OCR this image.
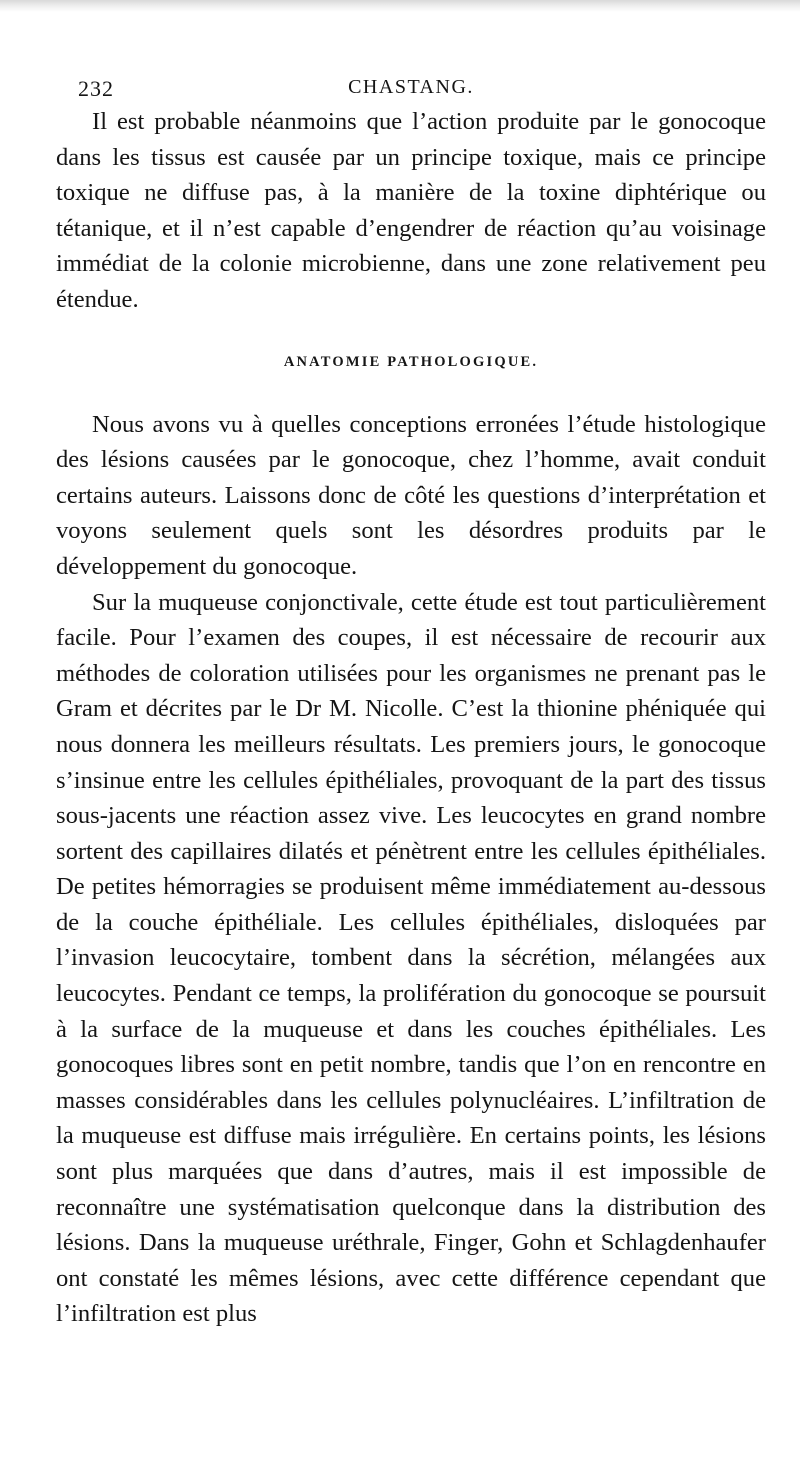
232	CHASTANG.

Il est probable néanmoins que l’action produite par le gonocoque dans les tissus est causée par un principe toxique, mais ce principe toxique ne diffuse pas, à la manière de la toxine diphtérique ou tétanique, et il n’est capable d’engendrer de réaction qu’au voisinage immédiat de la colonie microbienne, dans une zone relativement peu étendue.

ANATOMIE PATHOLOGIQUE.

Nous avons vu à quelles conceptions erronées l’étude histologique des lésions causées par le gonocoque, chez l’homme, avait conduit certains auteurs. Laissons donc de côté les questions d’interprétation et voyons seulement quels sont les désordres produits par le développement du gonocoque.

Sur la muqueuse conjonctivale, cette étude est tout particulièrement facile. Pour l’examen des coupes, il est nécessaire de recourir aux méthodes de coloration utilisées pour les organismes ne prenant pas le Gram et décrites par le Dr M. Nicolle. C’est la thionine phéniquée qui nous donnera les meilleurs résultats. Les premiers jours, le gonocoque s’insinue entre les cellules épithéliales, provoquant de la part des tissus sous-jacents une réaction assez vive. Les leucocytes en grand nombre sortent des capillaires dilatés et pénètrent entre les cellules épithéliales. De petites hémorragies se produisent même immédiatement au-dessous de la couche épithéliale. Les cellules épithéliales, disloquées par l’invasion leucocytaire, tombent dans la sécrétion, mélangées aux leucocytes. Pendant ce temps, la prolifération du gonocoque se poursuit à la surface de la muqueuse et dans les couches épithéliales. Les gonocoques libres sont en petit nombre, tandis que l’on en rencontre en masses considérables dans les cellules polynucléaires. L’infiltration de la muqueuse est diffuse mais irrégulière. En certains points, les lésions sont plus marquées que dans d’autres, mais il est impossible de reconnaître une systématisation quelconque dans la distribution des lésions. Dans la muqueuse uréthrale, Finger, Gohn et Schlagdenhaufer ont constaté les mêmes lésions, avec cette différence cependant que l’infiltration est plus
